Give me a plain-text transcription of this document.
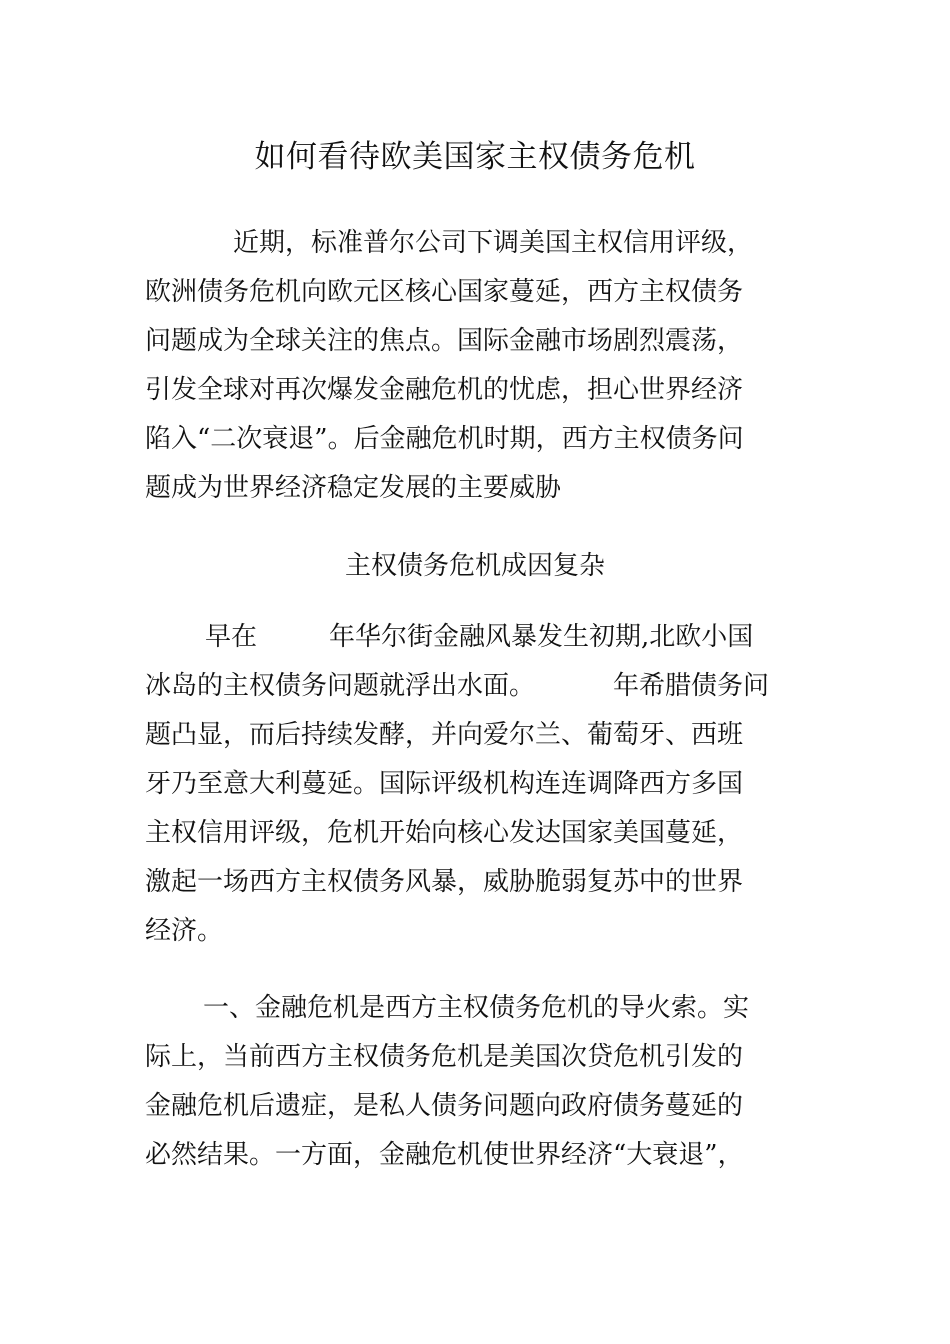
如何看待欧美国家主权债务危机
近期，标准普尔公司下调美国主权信用评级，
欧洲债务危机向欧元区核心国家蔓延，西方主权债务
问题成为全球关注的焦点。国际金融市场剧烈震荡，
引发全球对再次爆发金融危机的忧虑，担心世界经济
陷入“二次衰退”。后金融危机时期，西方主权债务问
题成为世界经济稳定发展的主要威胁
主权债务危机成因复杂
早在	年华尔街金融风暴发生初期,北欧小国
冰岛的主权债务问题就浮出水面。	年希腊债务问
题凸显，而后持续发酵，并向爱尔兰、葡萄牙、西班
牙乃至意大利蔓延。国际评级机构连连调降西方多国
主权信用评级，危机开始向核心发达国家美国蔓延，
激起一场西方主权债务风暴，威胁脆弱复苏中的世界
经济。
一、金融危机是西方主权债务危机的导火索。实
际上，当前西方主权债务危机是美国次贷危机引发的
金融危机后遗症，是私人债务问题向政府债务蔓延的
必然结果。一方面，金融危机使世界经济“大衰退”，
